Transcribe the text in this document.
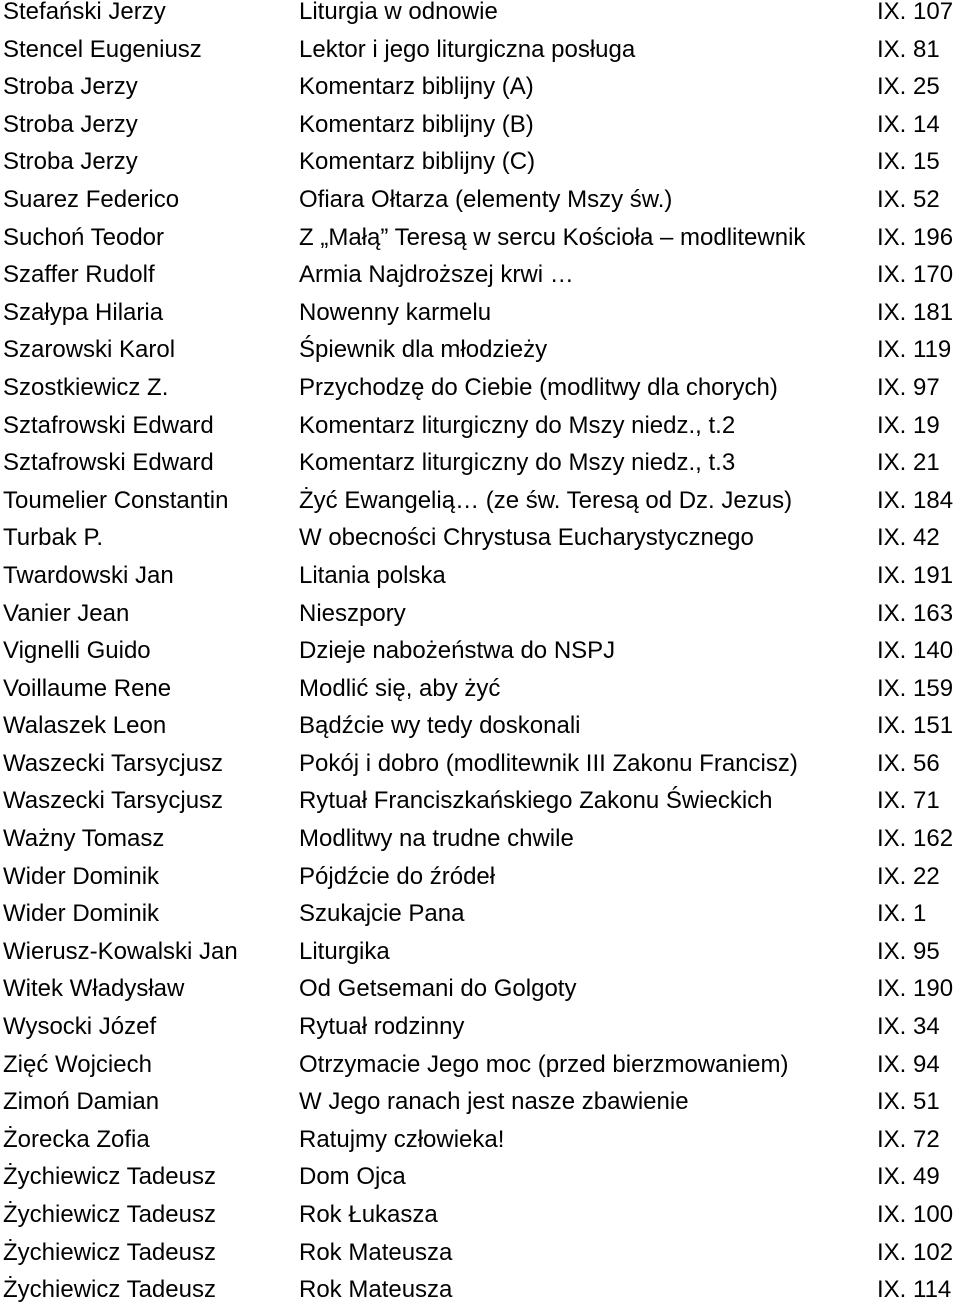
Stefański Jerzy	Liturgia w odnowie	IX. 107
Stencel Eugeniusz	Lektor i jego liturgiczna posługa	IX. 81
Stroba Jerzy	Komentarz biblijny (A)	IX. 25
Stroba Jerzy	Komentarz biblijny (B)	IX. 14
Stroba Jerzy	Komentarz biblijny (C)	IX. 15
Suarez Federico	Ofiara Ołtarza (elementy Mszy św.)	IX. 52
Suchoń Teodor	Z „Małą” Teresą w sercu Kościoła – modlitewnik	IX. 196
Szaffer Rudolf	Armia Najdroższej krwi …	IX. 170
Szałypa Hilaria	Nowenny karmelu	IX. 181
Szarowski Karol	Śpiewnik dla młodzieży	IX. 119
Szostkiewicz Z.	Przychodzę do Ciebie (modlitwy dla chorych)	IX. 97
Sztafrowski Edward	Komentarz liturgiczny do Mszy niedz., t.2	IX. 19
Sztafrowski Edward	Komentarz liturgiczny do Mszy niedz., t.3	IX. 21
Toumelier Constantin	Żyć Ewangelią… (ze św. Teresą od Dz. Jezus)	IX. 184
Turbak P.	W obecności Chrystusa Eucharystycznego	IX. 42
Twardowski Jan	Litania polska	IX. 191
Vanier Jean	Nieszpory	IX. 163
Vignelli Guido	Dzieje nabożeństwa do NSPJ	IX. 140
Voillaume Rene	Modlić się, aby żyć	IX. 159
Walaszek Leon	Bądźcie wy tedy doskonali	IX. 151
Waszecki Tarsycjusz	Pokój i dobro (modlitewnik III Zakonu Francisz)	IX. 56
Waszecki Tarsycjusz	Rytuał Franciszkańskiego Zakonu Świeckich	IX. 71
Ważny Tomasz	Modlitwy na trudne chwile	IX. 162
Wider Dominik	Pójdźcie do źródeł	IX. 22
Wider Dominik	Szukajcie Pana	IX. 1
Wierusz-Kowalski Jan	Liturgika	IX. 95
Witek Władysław	Od Getsemani do Golgoty	IX. 190
Wysocki Józef	Rytuał rodzinny	IX. 34
Zięć Wojciech	Otrzymacie Jego moc (przed bierzmowaniem)	IX. 94
Zimoń Damian	W Jego ranach jest nasze zbawienie	IX. 51
Żorecka Zofia	Ratujmy człowieka!	IX. 72
Żychiewicz Tadeusz	Dom Ojca	IX. 49
Żychiewicz Tadeusz	Rok Łukasza	IX. 100
Żychiewicz Tadeusz	Rok Mateusza	IX. 102
Żychiewicz Tadeusz	Rok Mateusza	IX. 114
